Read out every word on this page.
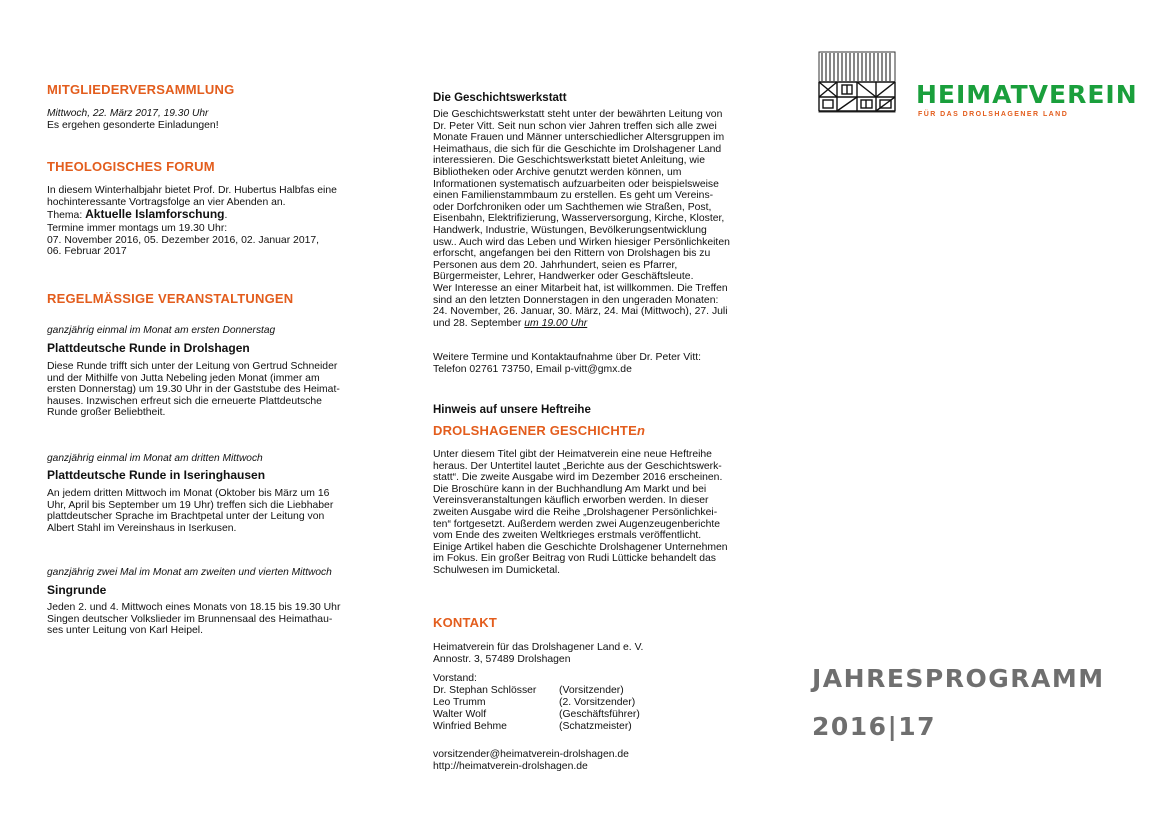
MITGLIEDERVERSAMMLUNG
Mittwoch, 22. März 2017, 19.30 Uhr
Es ergehen gesonderte Einladungen!
THEOLOGISCHES FORUM
In diesem Winterhalbjahr bietet Prof. Dr. Hubertus Halbfas eine
hochinteressante Vortragsfolge an vier Abenden an.
Thema: Aktuelle Islamforschung.
Termine immer montags um 19.30 Uhr:
07. November 2016, 05. Dezember 2016, 02. Januar 2017,
06. Februar 2017
REGELMÄSSIGE VERANSTALTUNGEN
ganzjährig einmal im Monat am ersten Donnerstag
Plattdeutsche Runde in Drolshagen
Diese Runde trifft sich unter der Leitung von Gertrud Schneider
und der Mithilfe von Jutta Nebeling jeden Monat (immer am
ersten Donnerstag) um 19.30 Uhr in der Gaststube des Heimat-
hauses. Inzwischen erfreut sich die erneuerte Plattdeutsche
Runde großer Beliebtheit.
ganzjährig einmal im Monat am dritten Mittwoch
Plattdeutsche Runde in Iseringhausen
An jedem dritten Mittwoch im Monat (Oktober bis März um 16
Uhr, April bis September um 19 Uhr) treffen sich die Liebhaber
plattdeutscher Sprache im Brachtpetal unter der Leitung von
Albert Stahl im Vereinshaus in Iserkusen.
ganzjährig zwei Mal im Monat am zweiten und vierten Mittwoch
Singrunde
Jeden 2. und 4. Mittwoch eines Monats von 18.15 bis 19.30 Uhr
Singen deutscher Volkslieder im Brunnensaal des Heimathau-
ses unter Leitung von Karl Heipel.
Die Geschichtswerkstatt
Die Geschichtswerkstatt steht unter der bewährten Leitung von
Dr. Peter Vitt. Seit nun schon vier Jahren treffen sich alle zwei
Monate Frauen und Männer unterschiedlicher Altersgruppen im
Heimathaus, die sich für die Geschichte im Drolshagener Land
interessieren. Die Geschichtswerkstatt bietet Anleitung, wie
Bibliotheken oder Archive genutzt werden können, um
Informationen systematisch aufzuarbeiten oder beispielsweise
einen Familienstammbaum zu erstellen. Es geht um Vereins-
oder Dorfchroniken oder um Sachthemen wie Straßen, Post,
Eisenbahn, Elektrifizierung, Wasserversorgung, Kirche, Kloster,
Handwerk, Industrie, Wüstungen, Bevölkerungsentwicklung
usw.. Auch wird das Leben und Wirken hiesiger Persönlichkeiten
erforscht, angefangen bei den Rittern von Drolshagen bis zu
Personen aus dem 20. Jahrhundert, seien es Pfarrer,
Bürgermeister, Lehrer, Handwerker oder Geschäftsleute.
Wer Interesse an einer Mitarbeit hat, ist willkommen. Die Treffen
sind an den letzten Donnerstagen in den ungeraden Monaten:
24. November, 26. Januar, 30. März, 24. Mai (Mittwoch), 27. Juli
und 28. September um 19.00 Uhr
Weitere Termine und Kontaktaufnahme über Dr. Peter Vitt:
Telefon 02761 73750, Email p-vitt@gmx.de
Hinweis auf unsere Heftreihe
DROLSHAGENER GESCHICHTEn
Unter diesem Titel gibt der Heimatverein eine neue Heftreihe
heraus. Der Untertitel lautet „Berichte aus der Geschichtswerk-
statt“. Die zweite Ausgabe wird im Dezember 2016 erscheinen.
Die Broschüre kann in der Buchhandlung Am Markt und bei
Vereinsveranstaltungen käuflich erworben werden. In dieser
zweiten Ausgabe wird die Reihe „Drolshagener Persönlichkei-
ten“ fortgesetzt. Außerdem werden zwei Augenzeugenberichte
vom Ende des zweiten Weltkrieges erstmals veröffentlicht.
Einige Artikel haben die Geschichte Drolshagener Unternehmen
im Fokus. Ein großer Beitrag von Rudi Lütticke behandelt das
Schulwesen im Dumicketal.
KONTAKT
Heimatverein für das Drolshagener Land e. V.
Annostr. 3, 57489 Drolshagen
Vorstand:
Dr. Stephan Schlösser (Vorsitzender)
Leo Trumm	(2. Vorsitzender)
Walter Wolf	(Geschäftsführer)
Winfried Behme	(Schatzmeister)
vorsitzender@heimatverein-drolshagen.de
http://heimatverein-drolshagen.de
HEIMATVEREIN
FÜR DAS DROLSHAGENER LAND
JAHRESPROGRAMM
2016|17
